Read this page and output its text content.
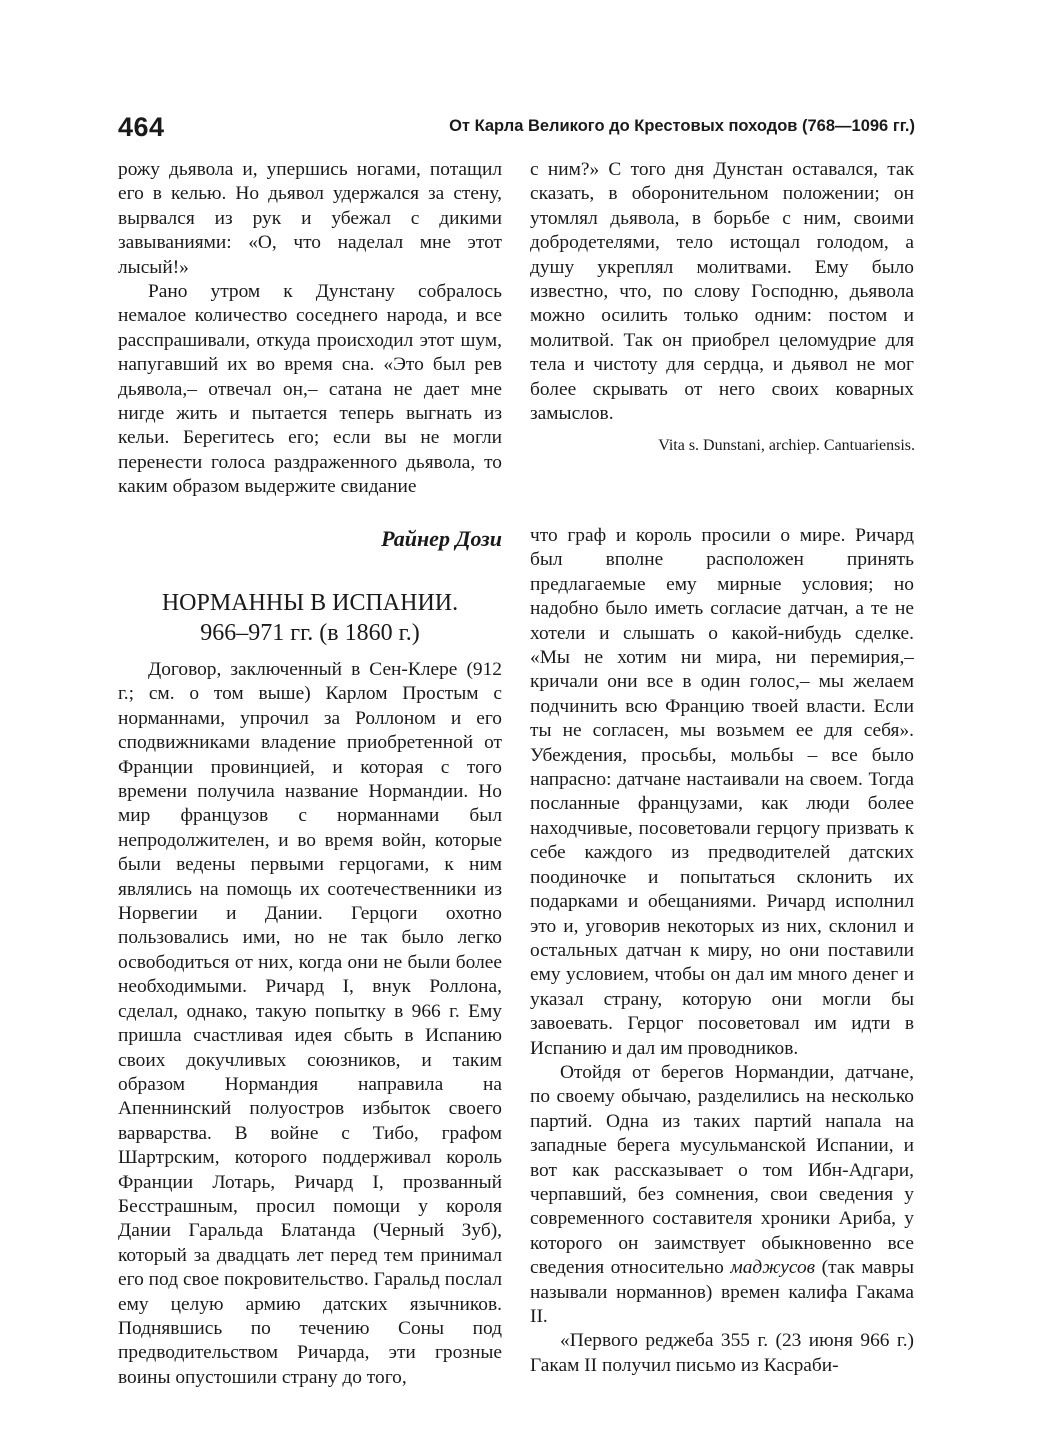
464	От Карла Великого до Крестовых походов (768—1096 гг.)

рожу дьявола и, упершись ногами, потащил его в келью. Но дьявол удержался за стену, вырвался из рук и убежал с дикими завываниями: «О, что наделал мне этот лысый!»

Рано утром к Дунстану собралось немалое количество соседнего народа, и все расспрашивали, откуда происходил этот шум, напугавший их во время сна. «Это был рев дьявола,– отвечал он,– сатана не дает мне нигде жить и пытается теперь выгнать из кельи. Берегитесь его; если вы не могли перенести голоса раздраженного дьявола, то каким образом выдержите свидание

с ним?» С того дня Дунстан оставался, так сказать, в оборонительном положении; он утомлял дьявола, в борьбе с ним, своими добродетелями, тело истощал голодом, а душу укреплял молитвами. Ему было известно, что, по слову Господню, дьявола можно осилить только одним: постом и молитвой. Так он приобрел целомудрие для тела и чистоту для сердца, и дьявол не мог более скрывать от него своих коварных замыслов.

Vita s. Dunstani, archiep. Cantuariensis.
Райнер Дози
НОРМАННЫ В ИСПАНИИ.
966–971 гг. (в 1860 г.)

Договор, заключенный в Сен-Клере (912 г.; см. о том выше) Карлом Простым с норманнами, упрочил за Роллоном и его сподвижниками владение приобретенной от Франции провинцией, и которая с того времени получила название Нормандии. Но мир французов с норманнами был непродолжителен, и во время войн, которые были ведены первыми герцогами, к ним являлись на помощь их соотечественники из Норвегии и Дании. Герцоги охотно пользовались ими, но не так было легко освободиться от них, когда они не были более необходимыми. Ричард I, внук Роллона, сделал, однако, такую попытку в 966 г. Ему пришла счастливая идея сбыть в Испанию своих докучливых союзников, и таким образом Нормандия направила на Апеннинский полуостров избыток своего варварства. В войне с Тибо, графом Шартрским, которого поддерживал король Франции Лотарь, Ричард I, прозванный Бесстрашным, просил помощи у короля Дании Гаральда Блатанда (Черный Зуб), который за двадцать лет перед тем принимал его под свое покровительство. Гаральд послал ему целую армию датских язычников. Поднявшись по течению Соны под предводительством Ричарда, эти грозные воины опустошили страну до того,

что граф и король просили о мире. Ричард был вполне расположен принять предлагаемые ему мирные условия; но надобно было иметь согласие датчан, а те не хотели и слышать о какой-нибудь сделке. «Мы не хотим ни мира, ни перемирия,– кричали они все в один голос,– мы желаем подчинить всю Францию твоей власти. Если ты не согласен, мы возьмем ее для себя». Убеждения, просьбы, мольбы – все было напрасно: датчане настаивали на своем. Тогда посланные французами, как люди более находчивые, посоветовали герцогу призвать к себе каждого из предводителей датских поодиночке и попытаться склонить их подарками и обещаниями. Ричард исполнил это и, уговорив некоторых из них, склонил и остальных датчан к миру, но они поставили ему условием, чтобы он дал им много денег и указал страну, которую они могли бы завоевать. Герцог посоветовал им идти в Испанию и дал им проводников.

Отойдя от берегов Нормандии, датчане, по своему обычаю, разделились на несколько партий. Одна из таких партий напала на западные берега мусульманской Испании, и вот как рассказывает о том Ибн-Адгари, черпавший, без сомнения, свои сведения у современного составителя хроники Ариба, у которого он заимствует обыкновенно все сведения относительно маджусов (так мавры называли норманнов) времен калифа Гакама II.

«Первого реджеба 355 г. (23 июня 966 г.) Гакам II получил письмо из Касраби-
